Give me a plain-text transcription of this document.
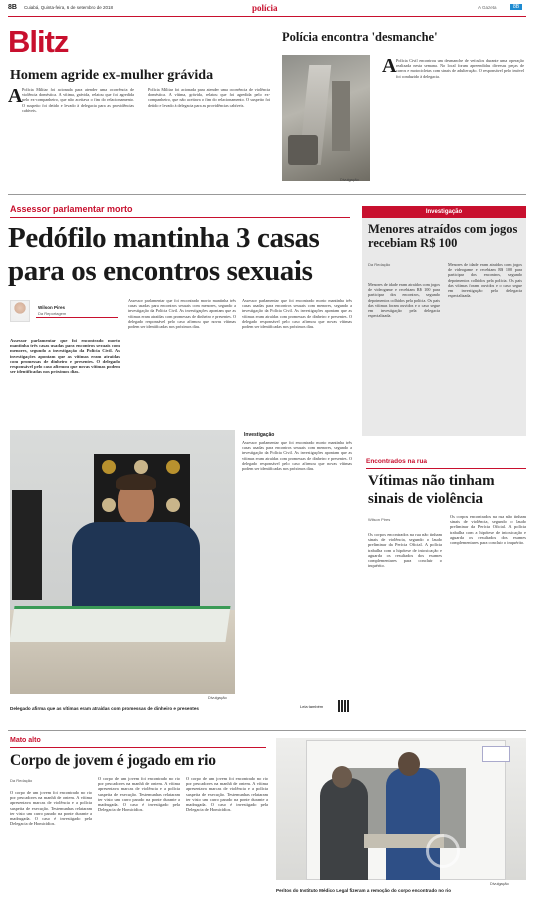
8B Cuiabá, Quinta-feira, 6 de setembro de 2018	polícia	A Gazeta	8B
Blitz
Homem agride ex-mulher grávida
A Polícia Militar foi acionada para atender uma ocorrência de violência doméstica. A vítima, grávida, relatou que foi agredida pelo ex-companheiro, que não aceitava o fim do relacionamento. O suspeito foi detido e levado à delegacia para as providências cabíveis.
Polícia Militar foi acionada para atender uma ocorrência de violência doméstica. A vítima, grávida, relatou que foi agredida pelo ex-companheiro, que não aceitava o fim do relacionamento. O suspeito foi detido e levado à delegacia para as providências cabíveis.
Polícia encontra 'desmanche'
Divulgação
A Polícia Civil encontrou um desmanche de veículos durante uma operação realizada nesta semana. No local foram apreendidas diversas peças de carros e motocicletas com sinais de adulteração. O responsável pelo imóvel foi conduzido à delegacia.
Assessor parlamentar morto
Pedófilo mantinha 3 casas para os encontros sexuais
Wilson Pires
Da Reportagem
Assessor parlamentar que foi encontrado morto mantinha três casas usadas para encontros sexuais com menores, segundo a investigação da Polícia Civil. As investigações apontam que as vítimas eram atraídas com promessas de dinheiro e presentes. O delegado responsável pelo caso afirmou que novas vítimas podem ser identificadas nos próximos dias.
Assessor parlamentar que foi encontrado morto mantinha três casas usadas para encontros sexuais com menores, segundo a investigação da Polícia Civil. As investigações apontam que as vítimas eram atraídas com promessas de dinheiro e presentes. O delegado responsável pelo caso afirmou que novas vítimas podem ser identificadas nos próximos dias.
Assessor parlamentar que foi encontrado morto mantinha três casas usadas para encontros sexuais com menores, segundo a investigação da Polícia Civil. As investigações apontam que as vítimas eram atraídas com promessas de dinheiro e presentes. O delegado responsável pelo caso afirmou que novas vítimas podem ser identificadas nos próximos dias.
Investigação
Assessor parlamentar que foi encontrado morto mantinha três casas usadas para encontros sexuais com menores, segundo a investigação da Polícia Civil. As investigações apontam que as vítimas eram atraídas com promessas de dinheiro e presentes. O delegado responsável pelo caso afirmou que novas vítimas podem ser identificadas nos próximos dias.
Divulgação
Delegado afirma que as vítimas eram atraídas com promessas de dinheiro e presentes	Leia também
Investigação
Menores atraídos com jogos recebiam R$ 100
Da Redação
Menores de idade eram atraídos com jogos de videogame e recebiam R$ 100 para participar dos encontros, segundo depoimentos colhidos pela polícia. Os pais das vítimas foram ouvidos e o caso segue em investigação pela delegacia especializada.
Menores de idade eram atraídos com jogos de videogame e recebiam R$ 100 para participar dos encontros, segundo depoimentos colhidos pela polícia. Os pais das vítimas foram ouvidos e o caso segue em investigação pela delegacia especializada.
Encontrados na rua
Vítimas não tinham sinais de violência
Wilson Pires
Os corpos encontrados na rua não tinham sinais de violência, segundo o laudo preliminar da Perícia Oficial. A polícia trabalha com a hipótese de intoxicação e aguarda os resultados dos exames complementares para concluir o inquérito.
Os corpos encontrados na rua não tinham sinais de violência, segundo o laudo preliminar da Perícia Oficial. A polícia trabalha com a hipótese de intoxicação e aguarda os resultados dos exames complementares para concluir o inquérito.
Mato alto
Corpo de jovem é jogado em rio
Da Redação
O corpo de um jovem foi encontrado no rio por pescadores na manhã de ontem. A vítima apresentava marcas de violência e a polícia suspeita de execução. Testemunhas relataram ter visto um carro parado na ponte durante a madrugada. O caso é investigado pela Delegacia de Homicídios.
O corpo de um jovem foi encontrado no rio por pescadores na manhã de ontem. A vítima apresentava marcas de violência e a polícia suspeita de execução. Testemunhas relataram ter visto um carro parado na ponte durante a madrugada. O caso é investigado pela Delegacia de Homicídios.
O corpo de um jovem foi encontrado no rio por pescadores na manhã de ontem. A vítima apresentava marcas de violência e a polícia suspeita de execução. Testemunhas relataram ter visto um carro parado na ponte durante a madrugada. O caso é investigado pela Delegacia de Homicídios.
Divulgação
Peritos do Instituto Médico Legal fizeram a remoção do corpo encontrado no rio
